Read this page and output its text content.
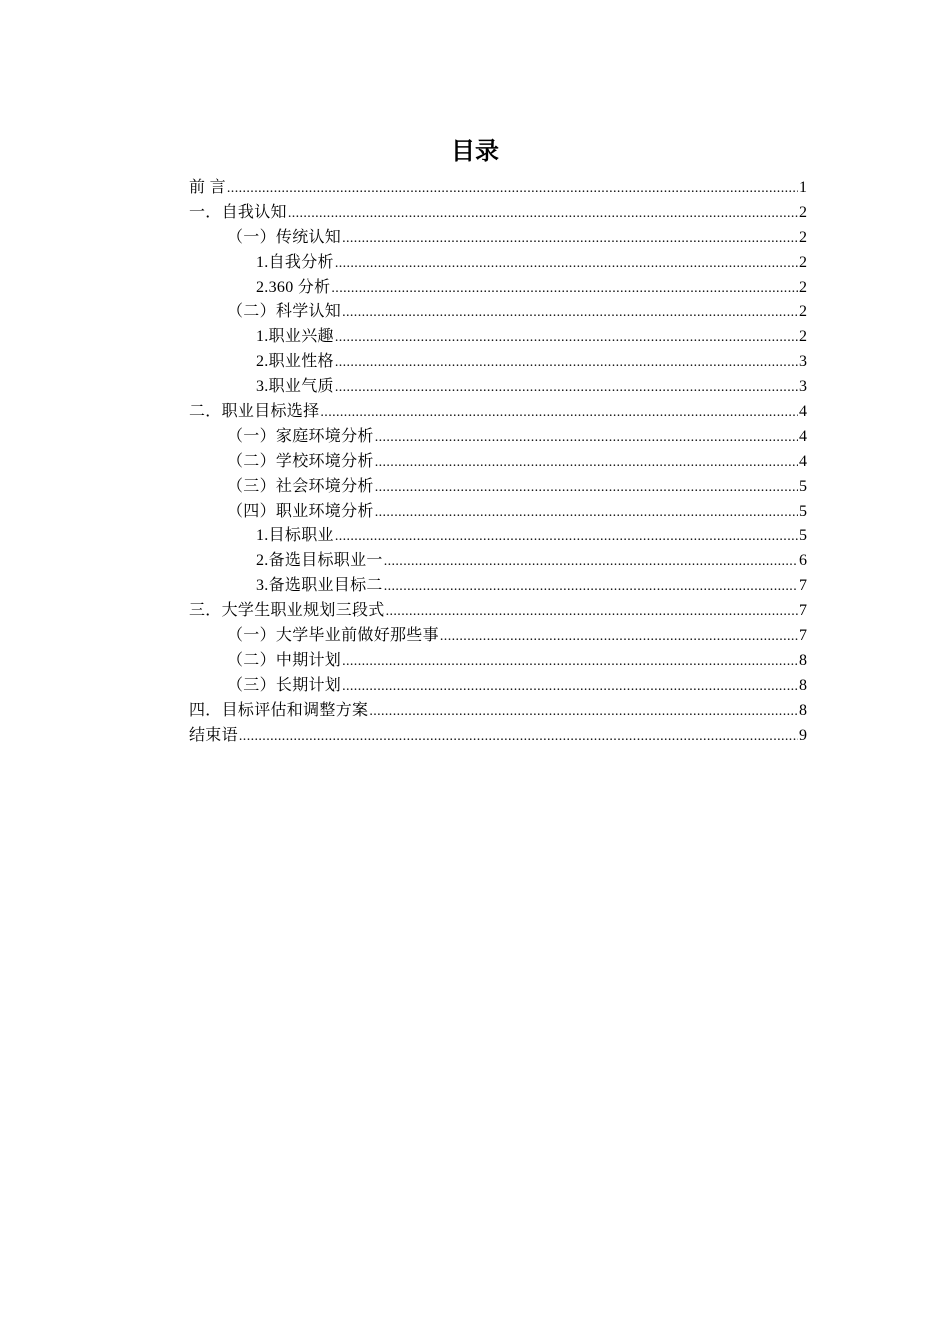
目录
前 言 .....	1
一．自我认知 .....	2
（一）传统认知 .....	2
1.自我分析 .....	2
2.360 分析 .....	2
（二）科学认知 .....	2
1.职业兴趣 .....	2
2.职业性格 .....	3
3.职业气质 .....	3
二．职业目标选择 .....	4
（一）家庭环境分析 .....	4
（二）学校环境分析 .....	4
（三）社会环境分析 .....	5
（四）职业环境分析 .....	5
1.目标职业 .....	5
2.备选目标职业一 .....	6
3.备选职业目标二 .....	7
三．大学生职业规划三段式 .....	7
（一）大学毕业前做好那些事 .....	7
（二）中期计划 .....	8
（三）长期计划 .....	8
四．目标评估和调整方案 .....	8
结束语 .....	9
